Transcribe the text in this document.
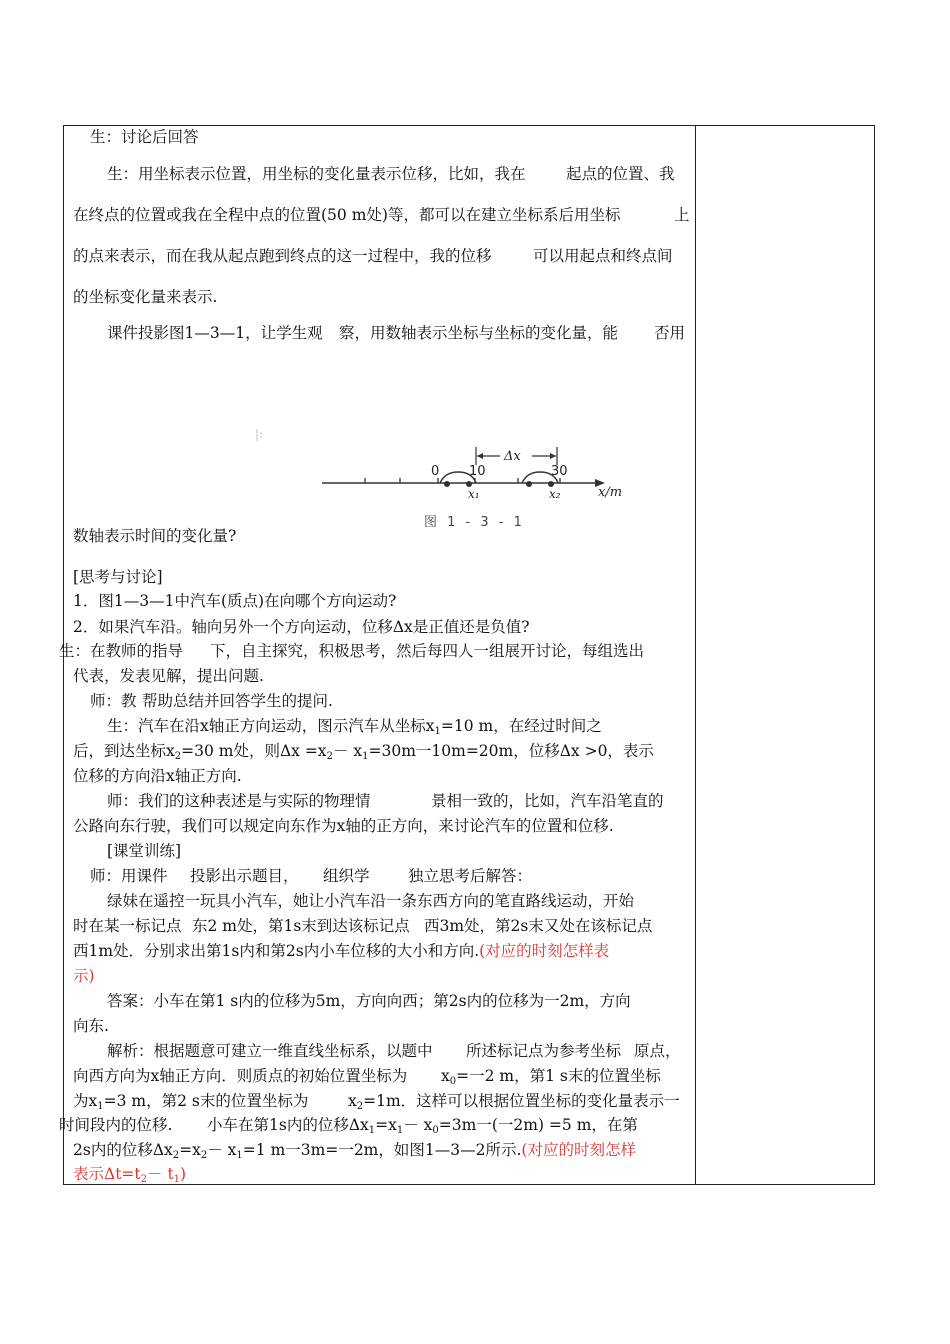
生：讨论后回答
生：用坐标表示位置，用坐标的变化量表示位移，比如，我在	起点的位置、我
在终点的位置或我在全程中点的位置(50 m处)等，都可以在建立坐标系后用坐标	上
的点来表示，而在我从起点跑到终点的这一过程中，我的位移	可以用起点和终点间
的坐标变化量来表示.
课件投影图1—3—1，让学生观 察，用数轴表示坐标与坐标的变化量，能 否用
|:
0 10	30
Δx
x₁	x₂	x/m
图 1 - 3 - 1
数轴表示时间的变化量?
[思考与讨论]
1．图1—3—1中汽车(质点)在向哪个方向运动?
2．如果汽车沿。轴向另外一个方向运动，位移Δx是正值还是负值?
生：在教师的指导 下，自主探究，积极思考，然后每四人一组展开讨论，每组选出
代表，发表见解，提出问题.
师：教 帮助总结并回答学生的提问.
生：汽车在沿x轴正方向运动，图示汽车从坐标$x_1=10$ m，在经过时间之
后，到达坐标$x_2=30$ m处，则$\Delta x =x_2- x_1=30m$一10m=20m，位移Δx >0，表示
位移的方向沿x轴正方向.
师：我们的这种表述是与实际的物理情	景相一致的，比如，汽车沿笔直的
公路向东行驶，我们可以规定向东作为x轴的正方向，来讨论汽车的位置和位移.
[课堂训练]
师：用课件 投影出示题目， 组织学 独立思考后解答：
绿妹在遥控一玩具小汽车，她让小汽车沿一条东西方向的笔直路线运动，开始
时在某一标记点 东2 m处，第1s末到达该标记点 西3m处，第2s末又处在该标记点
西1m处．分别求出第1s内和第2s内小车位移的大小和方向.(对应的时刻怎样表
示)
答案：小车在第1 s内的位移为5m，方向向西；第2s内的位移为一2m，方向
向东.
解析：根据题意可建立一维直线坐标系，以题中 所述标记点为参考坐标 原点，
向西方向为x轴正方向．则质点的初始位置坐标为 $x_0=$一2 m，第1 s末的位置坐标
为$x_1=3$ m，第2 s末的位置坐标为	$x_2=1m$．这样可以根据位置坐标的变化量表示一
时间段内的位移. 小车在第1s内的位移$\Delta x_1=x_1- x_0=3m$一(一2m) =5 m，在第
2s内的位移$\Delta x_2=x_2- x_1=1$ m一3m=一2m，如图1—3—2所示.(对应的时刻怎样
表示$\Delta t=t_2- t_1$)
